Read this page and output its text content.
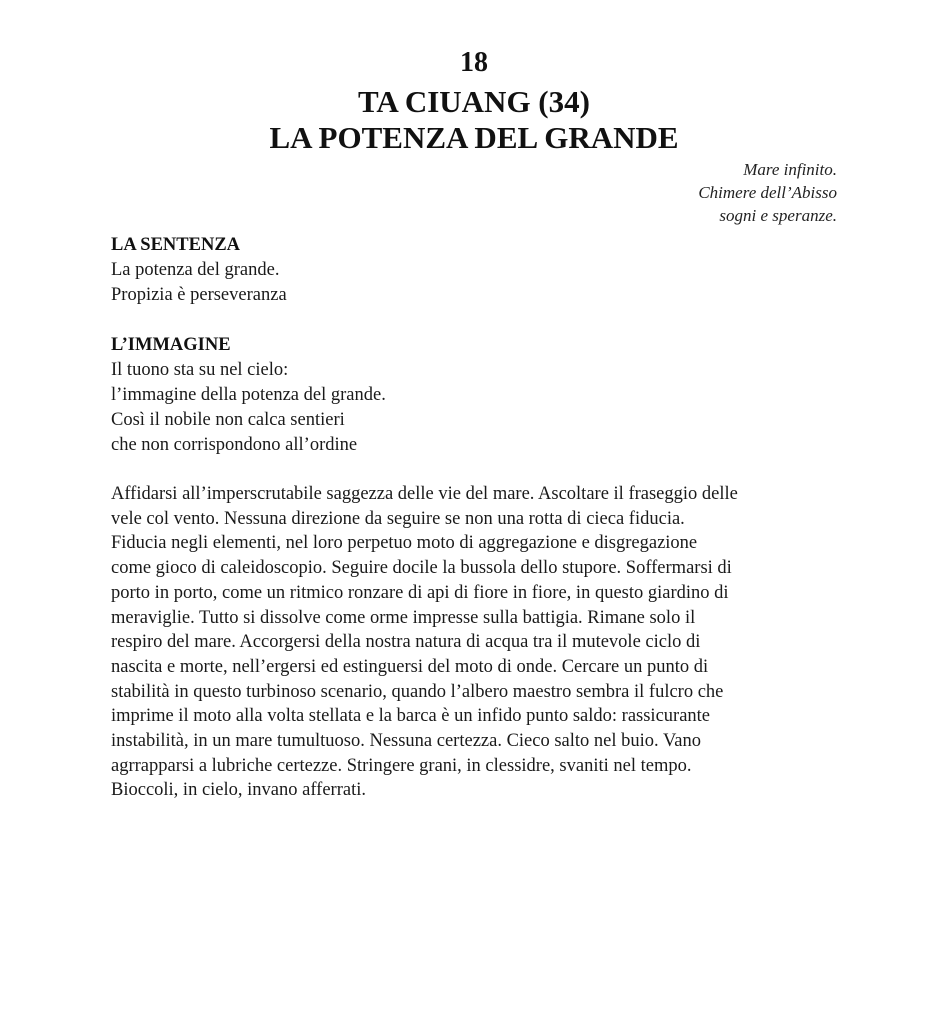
18
TA CIUANG (34)
LA POTENZA DEL GRANDE
Mare infinito.
Chimere dell’Abisso
sogni e speranze.
LA SENTENZA
La potenza del grande.
Propizia è perseveranza
L’IMMAGINE
Il tuono sta su nel cielo:
l’immagine della potenza del grande.
Così il nobile non calca sentieri
che non corrispondono all’ordine
Affidarsi all’imperscrutabile saggezza delle vie del mare. Ascoltare il fraseggio delle
vele col vento. Nessuna direzione da seguire se non una rotta di cieca fiducia.
Fiducia negli elementi, nel loro perpetuo moto di aggregazione e disgregazione
come gioco di caleidoscopio. Seguire docile la bussola dello stupore. Soffermarsi di
porto in porto, come un ritmico ronzare di api di fiore in fiore, in questo giardino di
meraviglie. Tutto si dissolve come orme impresse sulla battigia. Rimane solo il
respiro del mare. Accorgersi della nostra natura di acqua tra il mutevole ciclo di
nascita e morte, nell’ergersi ed estinguersi del moto di onde. Cercare un punto di
stabilità in questo turbinoso scenario, quando l’albero maestro sembra il fulcro che
imprime il moto alla volta stellata e la barca è un infido punto saldo: rassicurante
instabilità, in un mare tumultuoso. Nessuna certezza. Cieco salto nel buio. Vano
agrrapparsi a lubriche certezze. Stringere grani, in clessidre, svaniti nel tempo.
Bioccoli, in cielo, invano afferrati.
